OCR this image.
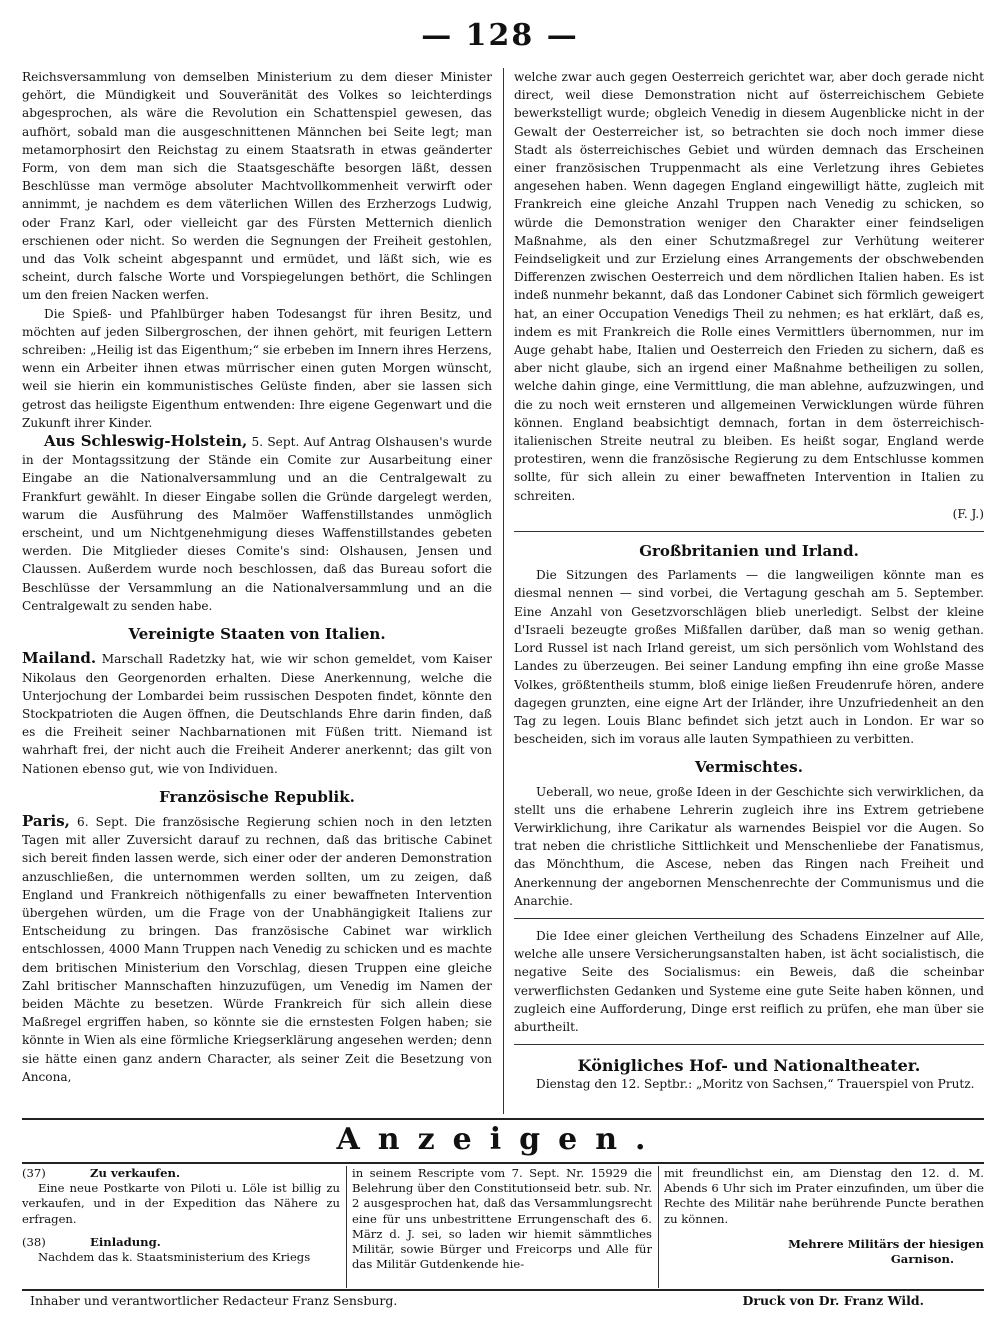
— 128 —

Reichsversammlung von demselben Ministerium zu dem dieser Minister gehört, die Mündigkeit und Souveränität des Volkes so leichterdings abgesprochen, als wäre die Revolution ein Schattenspiel gewesen, das aufhört, sobald man die ausgeschnittenen Männchen bei Seite legt; man metamorphosirt den Reichstag zu einem Staatsrath in etwas geänderter Form, von dem man sich die Staatsgeschäfte besorgen läßt, dessen Beschlüsse man vermöge absoluter Machtvollkommenheit verwirft oder annimmt, je nachdem es dem väterlichen Willen des Erzherzogs Ludwig, oder Franz Karl, oder vielleicht gar des Fürsten Metternich dienlich erschienen oder nicht. So werden die Segnungen der Freiheit gestohlen, und das Volk scheint abgespannt und ermüdet, und läßt sich, wie es scheint, durch falsche Worte und Vorspiegelungen bethört, die Schlingen um den freien Nacken werfen.

Die Spieß- und Pfahlbürger haben Todesangst für ihren Besitz, und möchten auf jeden Silbergroschen, der ihnen gehört, mit feurigen Lettern schreiben: „Heilig ist das Eigenthum;“ sie erbeben im Innern ihres Herzens, wenn ein Arbeiter ihnen etwas mürrischer einen guten Morgen wünscht, weil sie hierin ein kommunistisches Gelüste finden, aber sie lassen sich getrost das heiligste Eigenthum entwenden: Ihre eigene Gegenwart und die Zukunft ihrer Kinder.

Aus Schleswig-Holstein, 5. Sept. Auf Antrag Olshausen's wurde in der Montagssitzung der Stände ein Comite zur Ausarbeitung einer Eingabe an die Nationalversammlung und an die Centralgewalt zu Frankfurt gewählt. In dieser Eingabe sollen die Gründe dargelegt werden, warum die Ausführung des Malmöer Waffenstillstandes unmöglich erscheint, und um Nichtgenehmigung dieses Waffenstillstandes gebeten werden. Die Mitglieder dieses Comite's sind: Olshausen, Jensen und Claussen. Außerdem wurde noch beschlossen, daß das Bureau sofort die Beschlüsse der Versammlung an die Nationalversammlung und an die Centralgewalt zu senden habe.

Vereinigte Staaten von Italien.

Mailand. Marschall Radetzky hat, wie wir schon gemeldet, vom Kaiser Nikolaus den Georgenorden erhalten. Diese Anerkennung, welche die Unterjochung der Lombardei beim russischen Despoten findet, könnte den Stockpatrioten die Augen öffnen, die Deutschlands Ehre darin finden, daß es die Freiheit seiner Nachbarnationen mit Füßen tritt. Niemand ist wahrhaft frei, der nicht auch die Freiheit Anderer anerkennt; das gilt von Nationen ebenso gut, wie von Individuen.

Französische Republik.

Paris, 6. Sept. Die französische Regierung schien noch in den letzten Tagen mit aller Zuversicht darauf zu rechnen, daß das britische Cabinet sich bereit finden lassen werde, sich einer oder der anderen Demonstration anzuschließen, die unternommen werden sollten, um zu zeigen, daß England und Frankreich nöthigenfalls zu einer bewaffneten Intervention übergehen würden, um die Frage von der Unabhängigkeit Italiens zur Entscheidung zu bringen. Das französische Cabinet war wirklich entschlossen, 4000 Mann Truppen nach Venedig zu schicken und es machte dem britischen Ministerium den Vorschlag, diesen Truppen eine gleiche Zahl britischer Mannschaften hinzuzufügen, um Venedig im Namen der beiden Mächte zu besetzen. Würde Frankreich für sich allein diese Maßregel ergriffen haben, so könnte sie die ernstesten Folgen haben; sie könnte in Wien als eine förmliche Kriegserklärung angesehen werden; denn sie hätte einen ganz andern Character, als seiner Zeit die Besetzung von Ancona,

welche zwar auch gegen Oesterreich gerichtet war, aber doch gerade nicht direct, weil diese Demonstration nicht auf österreichischem Gebiete bewerkstelligt wurde; obgleich Venedig in diesem Augenblicke nicht in der Gewalt der Oesterreicher ist, so betrachten sie doch noch immer diese Stadt als österreichisches Gebiet und würden demnach das Erscheinen einer französischen Truppenmacht als eine Verletzung ihres Gebietes angesehen haben. Wenn dagegen England eingewilligt hätte, zugleich mit Frankreich eine gleiche Anzahl Truppen nach Venedig zu schicken, so würde die Demonstration weniger den Charakter einer feindseligen Maßnahme, als den einer Schutzmaßregel zur Verhütung weiterer Feindseligkeit und zur Erzielung eines Arrangements der obschwebenden Differenzen zwischen Oesterreich und dem nördlichen Italien haben. Es ist indeß nunmehr bekannt, daß das Londoner Cabinet sich förmlich geweigert hat, an einer Occupation Venedigs Theil zu nehmen; es hat erklärt, daß es, indem es mit Frankreich die Rolle eines Vermittlers übernommen, nur im Auge gehabt habe, Italien und Oesterreich den Frieden zu sichern, daß es aber nicht glaube, sich an irgend einer Maßnahme betheiligen zu sollen, welche dahin ginge, eine Vermittlung, die man ablehne, aufzuzwingen, und die zu noch weit ernsteren und allgemeinen Verwicklungen würde führen können. England beabsichtigt demnach, fortan in dem österreichisch-italienischen Streite neutral zu bleiben. Es heißt sogar, England werde protestiren, wenn die französische Regierung zu dem Entschlusse kommen sollte, für sich allein zu einer bewaffneten Intervention in Italien zu schreiten.

(F. J.)

Großbritanien und Irland.

Die Sitzungen des Parlaments — die langweiligen könnte man es diesmal nennen — sind vorbei, die Vertagung geschah am 5. September. Eine Anzahl von Gesetzvorschlägen blieb unerledigt. Selbst der kleine d'Israeli bezeugte großes Mißfallen darüber, daß man so wenig gethan. Lord Russel ist nach Irland gereist, um sich persönlich vom Wohlstand des Landes zu überzeugen. Bei seiner Landung empfing ihn eine große Masse Volkes, größtentheils stumm, bloß einige ließen Freudenrufe hören, andere dagegen grunzten, eine eigne Art der Irländer, ihre Unzufriedenheit an den Tag zu legen. Louis Blanc befindet sich jetzt auch in London. Er war so bescheiden, sich im voraus alle lauten Sympathieen zu verbitten.

Vermischtes.

Ueberall, wo neue, große Ideen in der Geschichte sich verwirklichen, da stellt uns die erhabene Lehrerin zugleich ihre ins Extrem getriebene Verwirklichung, ihre Carikatur als warnendes Beispiel vor die Augen. So trat neben die christliche Sittlichkeit und Menschenliebe der Fanatismus, das Mönchthum, die Ascese, neben das Ringen nach Freiheit und Anerkennung der angebornen Menschenrechte der Communismus und die Anarchie.

Die Idee einer gleichen Vertheilung des Schadens Einzelner auf Alle, welche alle unsere Versicherungsanstalten haben, ist ächt socialistisch, die negative Seite des Socialismus: ein Beweis, daß die scheinbar verwerflichsten Gedanken und Systeme eine gute Seite haben können, und zugleich eine Aufforderung, Dinge erst reiflich zu prüfen, ehe man über sie aburtheilt.

Königliches Hof- und Nationaltheater.

Dienstag den 12. Septbr.: „Moritz von Sachsen,“ Trauerspiel von Prutz.

Anzeigen.

(37)	Zu verkaufen.

Eine neue Postkarte von Piloti u. Löle ist billig zu verkaufen, und in der Expedition das Nähere zu erfragen.

(38)	Einladung.

Nachdem das k. Staatsministerium des Kriegs

in seinem Rescripte vom 7. Sept. Nr. 15929 die Belehrung über den Constitutionseid betr. sub. Nr. 2 ausgesprochen hat, daß das Versammlungsrecht eine für uns unbestrittene Errungenschaft des 6. März d. J. sei, so laden wir hiemit sämmtliches Militär, sowie Bürger und Freicorps und Alle für das Militär Gutdenkende hie-

mit freundlichst ein, am Dienstag den 12. d. M. Abends 6 Uhr sich im Prater einzufinden, um über die Rechte des Militär nahe berührende Puncte berathen zu können.

Mehrere Militärs der hiesigen

Garnison.

Inhaber und verantwortlicher Redacteur Franz Sensburg.	Druck von Dr. Franz Wild.
